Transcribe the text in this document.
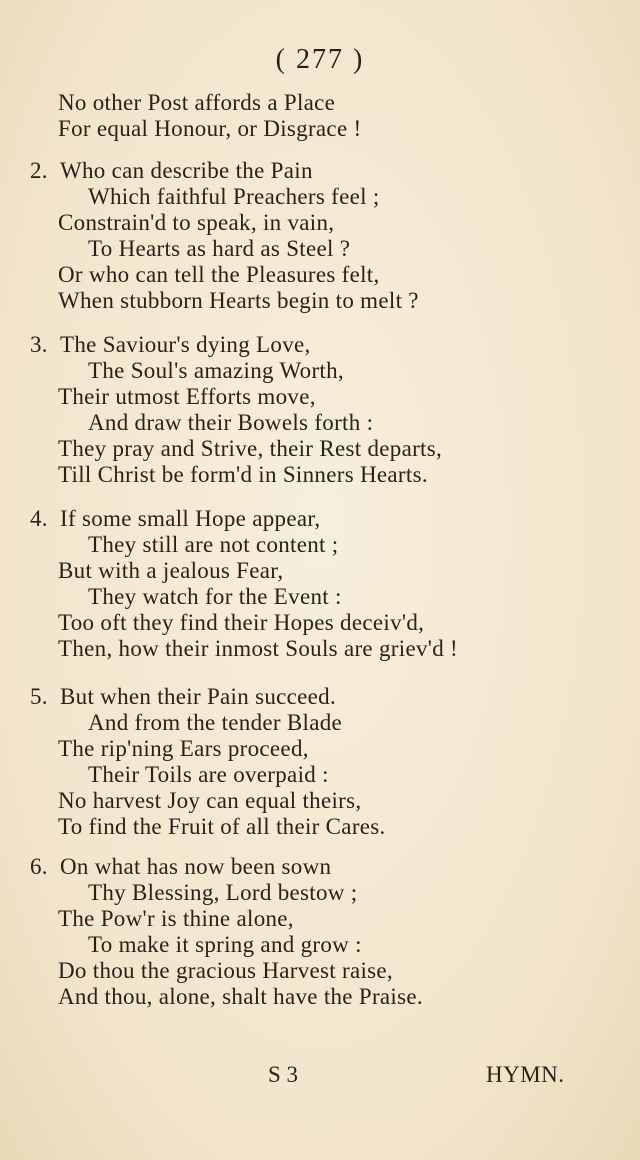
( 277 )
No other Post affords a Place
For equal Honour, or Disgrace !
2. Who can describe the Pain
Which faithful Preachers feel ;
Constrain'd to speak, in vain,
To Hearts as hard as Steel ?
Or who can tell the Pleasures felt,
When stubborn Hearts begin to melt ?
3. The Saviour's dying Love,
The Soul's amazing Worth,
Their utmost Efforts move,
And draw their Bowels forth :
They pray and Strive, their Rest departs,
Till Christ be form'd in Sinners Hearts.
4. If some small Hope appear,
They still are not content ;
But with a jealous Fear,
They watch for the Event :
Too oft they find their Hopes deceiv'd,
Then, how their inmost Souls are griev'd !
5. But when their Pain succeed.
And from the tender Blade
The rip'ning Ears proceed,
Their Toils are overpaid :
No harvest Joy can equal theirs,
To find the Fruit of all their Cares.
6. On what has now been sown
Thy Blessing, Lord bestow ;
The Pow'r is thine alone,
To make it spring and grow :
Do thou the gracious Harvest raise,
And thou, alone, shalt have the Praise.
S 3	HYMN.
